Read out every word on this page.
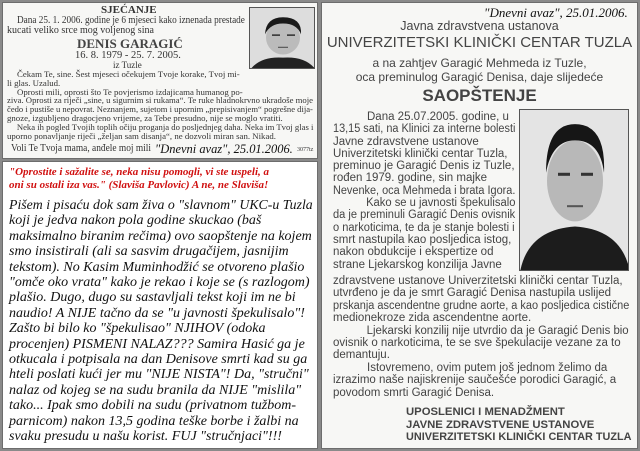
SJEĆANJE
Dana 25. 1. 2006. godine je 6 mjeseci kako iznenada prestade
kucati veliko srce mog voljenog sina
DENIS GARAGIĆ
16. 8. 1979 - 25. 7. 2005.
iz Tuzle
Čekam Te, sine. Šest mjeseci očekujem Tvoje korake, Tvoj mi-
li glas. Uzalud.
Oprosti mili, oprosti što Te povjerismo izdajicama humanog po-
ziva. Oprosti za riječi „sine, u sigurnim si rukama“. Te ruke hladnokrvno ukradoše moje
čedo i pustiše u nepovrat. Neznanjem, sujetom i upornim „prepisivanjem“ pogrešne dija-
gnoze, izgubljeno dragocjeno vrijeme, za Tebe presudno, nije se moglo vratiti.
Neka ih pogled Tvojih toplih očiju proganja do posljednjeg daha. Neka im Tvoj glas i
uporno ponavljanje riječi „željan sam disanja“, ne dozvoli miran san. Nikad.
Voli Te Tvoja mama, anđele moj mili "Dnevni avaz", 25.01.2006. 3077tz
"Oprostite i sažalite se, neka nisu pomogli, vi ste uspeli, a
oni su ostali iza vas." (Slaviša Pavlovic) A ne, ne Slaviša!
Pišem i pisaću dok sam živa o "slavnom" UKC-u Tuzla
koji je jedva nakon pola godine skuckao (baš
maksimalno biranim rečima) ovo saopštenje na kojem
smo insistirali (ali sa sasvim drugačijem, jasnijim
tekstom). No Kasim Muminhodžić se otvoreno plašio
"omče oko vrata" kako je rekao i koje se (s razlogom)
plašio. Dugo, dugo su sastavljali tekst koji im ne bi
naudio! A NIJE tačno da se "u javnosti špekulisalo"!
Zašto bi bilo ko "špekulisao" NJIHOV (odoka
procenjen) PISMENI NALAZ??? Samira Hasić ga je
otkucala i potpisala na dan Denisove smrti kad su ga
hteli poslati kući jer mu "NIJE NISTA"! Da, "stručni"
nalaz od kojeg se na sudu branila da NIJE "mislila"
tako... Ipak smo dobili na sudu (privatnom tužbom-
parnicom) nakon 13,5 godina teške borbe i žalbi na
svaku presudu u našu korist. FUJ "stručnjaci"!!!
"Dnevni avaz", 25.01.2006.
Javna zdravstvena ustanova
UNIVERZITETSKI KLINIČKI CENTAR TUZLA
a na zahtjev Garagić Mehmeda iz Tuzle,
oca preminulog Garagić Denisa, daje slijedeće
SAOPŠTENJE
Dana 25.07.2005. godine, u
13,15 sati, na Klinici za interne bolesti
Javne zdravstvene ustanove
Univerzitetski klinički centar Tuzla,
preminuo je Garagić Denis iz Tuzle,
rođen 1979. godine, sin majke
Nevenke, oca Mehmeda i brata Igora.
Kako se u javnosti špekulisalo
da je preminuli Garagić Denis ovisnik
o narkoticima, te da je stanje bolesti i
smrt nastupila kao posljedica istog,
nakon obdukcije i ekspertize od
strane Ljekarskog konzilija Javne
zdravstvene ustanove Univerzitetski klinički centar Tuzla,
utvrđeno je da je smrt Garagić Denisa nastupila uslijed
prskanja ascendentne grudne aorte, a kao posljedica cistične
medionekroze zida ascendentne aorte.
Ljekarski konzilij nije utvrdio da je Garagić Denis bio
ovisnik o narkoticima, te se sve špekulacije vezane za to
demantuju.
Istovremeno, ovim putem još jednom želimo da
izrazimo naše najiskrenije saučešće porodici Garagić, a
povodom smrti Garagić Denisa.
UPOSLENICI I MENADŽMENT
JAVNE ZDRAVSTVENE USTANOVE
UNIVERZITETSKI KLINIČKI CENTAR TUZLA
